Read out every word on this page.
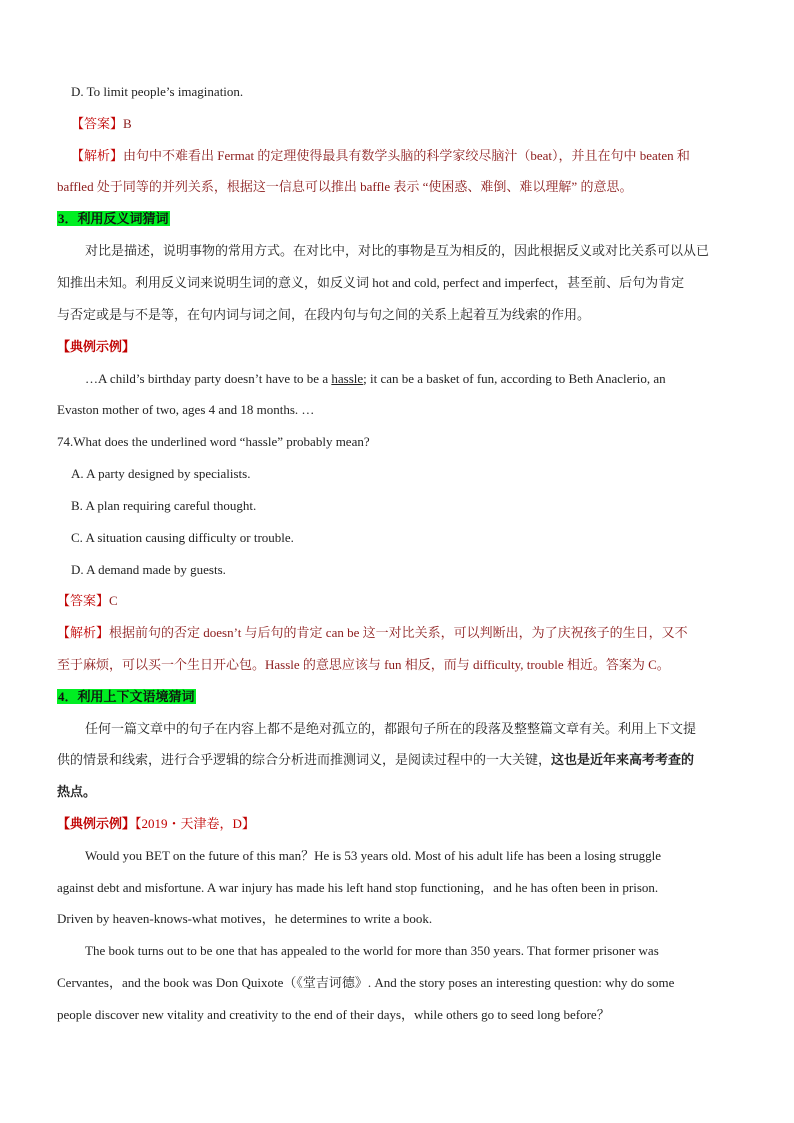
D. To limit people’s imagination.
【答案】B
【解析】由句中不难看出 Fermat 的定理使得最具有数学头脑的科学家绞尽脑汁（beat），并且在句中 beaten 和
baffled 处于同等的并列关系，根据这一信息可以推出 baffle 表示 “使困惑、难倒、难以理解” 的意思。
3．利用反义词猜词
对比是描述，说明事物的常用方式。在对比中，对比的事物是互为相反的，因此根据反义或对比关系可以从已
知推出未知。利用反义词来说明生词的意义，如反义词 hot and cold, perfect and imperfect，甚至前、后句为肯定
与否定或是与不是等，在句内词与词之间，在段内句与句之间的关系上起着互为线索的作用。
【典例示例】
…A child’s birthday party doesn’t have to be a hassle; it can be a basket of fun, according to Beth Anaclerio, an
Evaston mother of two, ages 4 and 18 months. …
74.What does the underlined word “hassle” probably mean?
A. A party designed by specialists.
B. A plan requiring careful thought.
C. A situation causing difficulty or trouble.
D. A demand made by guests.
【答案】C
【解析】根据前句的否定 doesn’t 与后句的肯定 can be 这一对比关系，可以判断出，为了庆祝孩子的生日，又不
至于麻烦，可以买一个生日开心包。Hassle 的意思应该与 fun 相反，而与 difficulty, trouble 相近。答案为 C。
4．利用上下文语境猜词
任何一篇文章中的句子在内容上都不是绝对孤立的，都跟句子所在的段落及整整篇文章有关。利用上下文提
供的情景和线索，进行合乎逻辑的综合分析进而推测词义，是阅读过程中的一大关键，这也是近年来高考考查的
热点。
【典例示例】【2019・天津卷，D】
Would you BET on the future of this man？He is 53 years old. Most of his adult life has been a losing struggle
against debt and misfortune. A war injury has made his left hand stop functioning，and he has often been in prison.
Driven by heaven-knows-what motives，he determines to write a book.
The book turns out to be one that has appealed to the world for more than 350 years. That former prisoner was
Cervantes，and the book was Don Quixote（《堂吉诃德》. And the story poses an interesting question: why do some
people discover new vitality and creativity to the end of their days，while others go to seed long before？
